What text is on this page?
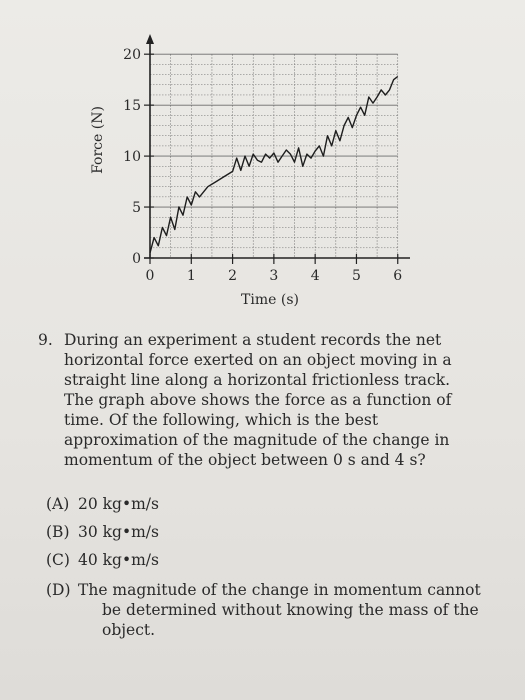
0
5
10
15
20
0 1 2 3 4 5 6
Force (N)
Time (s)
9. During an experiment a student records the net horizontal force exerted on an object moving in a straight line along a horizontal frictionless track. The graph above shows the force as a function of time. Of the following, which is the best approximation of the magnitude of the change in momentum of the object between 0 s and 4 s?
(A) 20 kg•m/s
(B) 30 kg•m/s
(C) 40 kg•m/s
(D) The magnitude of the change in momentum cannot be determined without knowing the mass of the object.
